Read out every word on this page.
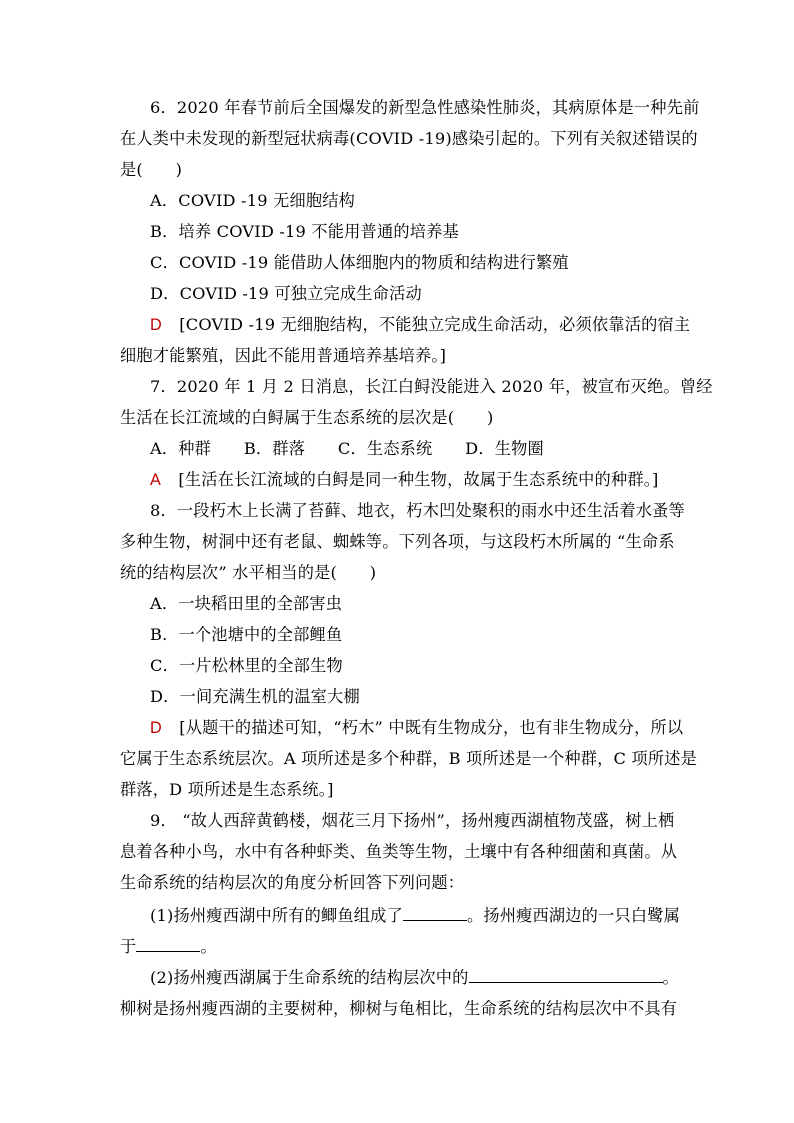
6．2020 年春节前后全国爆发的新型急性感染性肺炎，其病原体是一种先前
在人类中未发现的新型冠状病毒(COVID -19)感染引起的。下列有关叙述错误的
是(　　)
A．COVID -19 无细胞结构
B．培养 COVID -19 不能用普通的培养基
C．COVID -19 能借助人体细胞内的物质和结构进行繁殖
D．COVID -19 可独立完成生命活动
D [COVID -19 无细胞结构，不能独立完成生命活动，必须依靠活的宿主
细胞才能繁殖，因此不能用普通培养基培养。]
7．2020 年 1 月 2 日消息，长江白鲟没能进入 2020 年，被宣布灭绝。曾经
生活在长江流域的白鲟属于生态系统的层次是(　　)
A．种群　　B．群落　　C．生态系统　　D．生物圈
A [生活在长江流域的白鲟是同一种生物，故属于生态系统中的种群。]
8．一段朽木上长满了苔藓、地衣，朽木凹处聚积的雨水中还生活着水蚤等
多种生物，树洞中还有老鼠、蜘蛛等。下列各项，与这段朽木所属的 “生命系
统的结构层次” 水平相当的是(　　)
A．一块稻田里的全部害虫
B．一个池塘中的全部鲤鱼
C．一片松林里的全部生物
D．一间充满生机的温室大棚
D [从题干的描述可知，“朽木” 中既有生物成分，也有非生物成分，所以
它属于生态系统层次。A 项所述是多个种群，B 项所述是一个种群，C 项所述是
群落，D 项所述是生态系统。]
9． “故人西辞黄鹤楼，烟花三月下扬州”，扬州瘦西湖植物茂盛，树上栖
息着各种小鸟，水中有各种虾类、鱼类等生物，土壤中有各种细菌和真菌。从
生命系统的结构层次的角度分析回答下列问题：
(1)扬州瘦西湖中所有的鲫鱼组成了	。扬州瘦西湖边的一只白鹭属
于	。
(2)扬州瘦西湖属于生命系统的结构层次中的	。
柳树是扬州瘦西湖的主要树种，柳树与龟相比，生命系统的结构层次中不具有
